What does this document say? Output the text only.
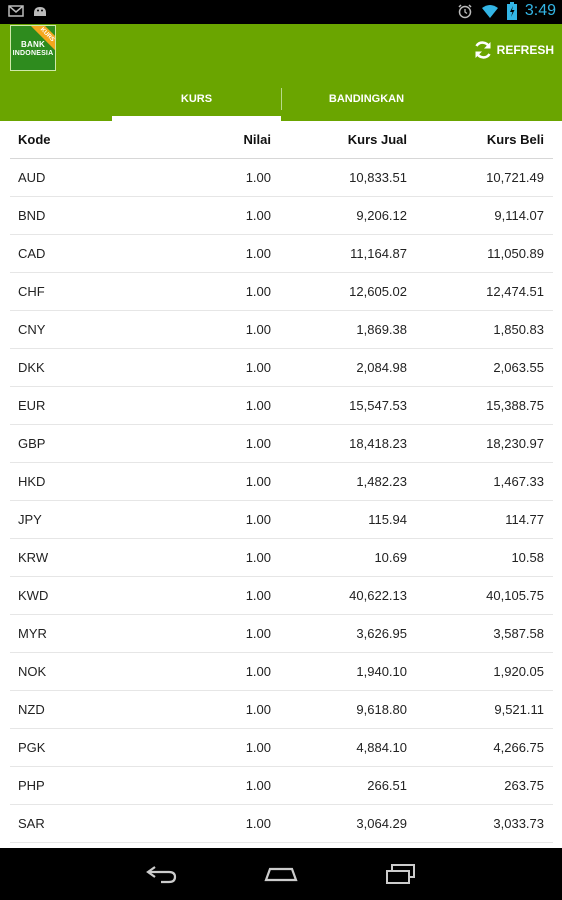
3:49
KURS
BANK
INDONESIA	REFRESH
KURS	BANDINGKAN
Kode	Nilai	Kurs Jual	Kurs Beli
AUD	1.00	10,833.51	10,721.49
BND	1.00	9,206.12	9,114.07
CAD	1.00	11,164.87	11,050.89
CHF	1.00	12,605.02	12,474.51
CNY	1.00	1,869.38	1,850.83
DKK	1.00	2,084.98	2,063.55
EUR	1.00	15,547.53	15,388.75
GBP	1.00	18,418.23	18,230.97
HKD	1.00	1,482.23	1,467.33
JPY	1.00	115.94	114.77
KRW	1.00	10.69	10.58
KWD	1.00	40,622.13	40,105.75
MYR	1.00	3,626.95	3,587.58
NOK	1.00	1,940.10	1,920.05
NZD	1.00	9,618.80	9,521.11
PGK	1.00	4,884.10	4,266.75
PHP	1.00	266.51	263.75
SAR	1.00	3,064.29	3,033.73
